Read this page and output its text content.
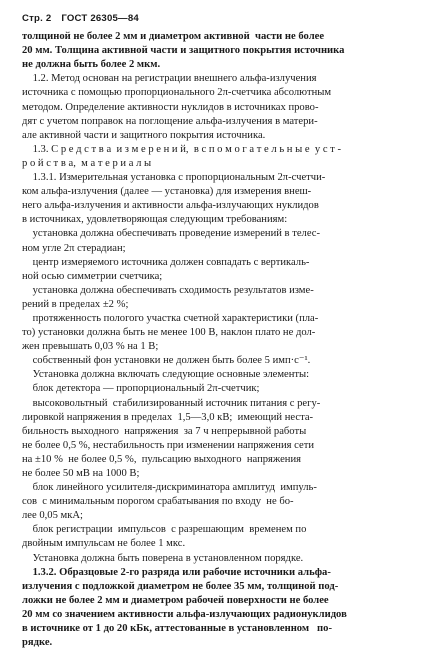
Стр. 2 ГОСТ 26305—84
толщиной не более 2 мм и диаметром активной  части не более
20 мм. Толщина активной части и защитного покрытия источника
не должна быть более 2 мкм.
1.2. Метод основан на регистрации внешнего альфа-излучения
источника с помощью пропорционального 2π-счетчика абсолютным
методом. Определение активности нуклидов в источниках прово-
дят с учетом поправок на поглощение альфа-излучения в матери-
але активной части и защитного покрытия источника.
1.3. С р е д с т в а  и з м е р е н и й,  в с п о м о г а т е л ь н ы е  у с т -
р о й с т в а,  м а т е р и а л ы
1.3.1. Измерительная установка с пропорциональным 2π-счетчи-
ком альфа-излучения (далее — установка) для измерения внеш-
него альфа-излучения и активности альфа-излучающих нуклидов
в источниках, удовлетворяющая следующим требованиям:
установка должна обеспечивать проведение измерений в телес-
ном угле 2π стерадиан;
центр измеряемого источника должен совпадать с вертикаль-
ной осью симметрии счетчика;
установка должна обеспечивать сходимость результатов изме-
рений в пределах ±2 %;
протяженность пологого участка счетной характеристики (пла-
то) установки должна быть не менее 100 В, наклон плато не дол-
жен превышать 0,03 % на 1 В;
собственный фон установки не должен быть более 5 имп·с⁻¹.
Установка должна включать следующие основные элементы:
блок детектора — пропорциональный 2π-счетчик;
высоковольтный  стабилизированный источник питания с регу-
лировкой напряжения в пределах  1,5—3,0 кВ;  имеющий неста-
бильность выходного  напряжения  за 7 ч непрерывной работы
не более 0,5 %, нестабильность при изменении напряжения сети
на ±10 %  не более 0,5 %,  пульсацию выходного  напряжения
не более 50 мВ на 1000 В;
блок линейного усилителя-дискриминатора амплитуд  импуль-
сов  с минимальным порогом срабатывания по входу  не бо-
лее 0,05 мкА;
блок регистрации  импульсов  с разрешающим  временем по
двойным импульсам не более 1 мкс.
Установка должна быть поверена в установленном порядке.
1.3.2. Образцовые 2-го разряда или рабочие источники альфа-
излучения с подложкой диаметром не более 35 мм, толщиной под-
ложки не более 2 мм и диаметром рабочей поверхности не более
20 мм со значением активности альфа-излучающих радионуклидов
в источнике от 1 до 20 кБк, аттестованные в установленном   по-
рядке.
